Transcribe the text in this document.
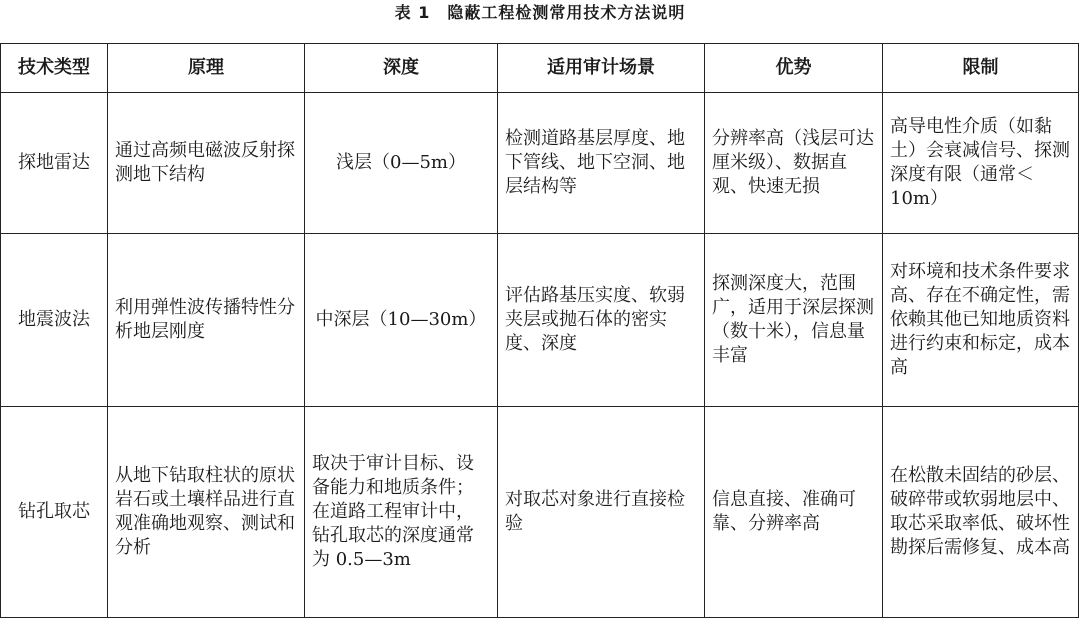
表 1　隐蔽工程检测常用技术方法说明
技术类型	原理	深度	适用审计场景	优势	限制
探地雷达	通过高频电磁波反射探测地下结构	浅层（0—5m）	检测道路基层厚度、地下管线、地下空洞、地层结构等	分辨率高（浅层可达厘米级）、数据直观、快速无损	高导电性介质（如黏土）会衰减信号、探测深度有限（通常＜10m）
地震波法	利用弹性波传播特性分析地层刚度	中深层（10—30m）	评估路基压实度、软弱夹层或抛石体的密实度、深度	探测深度大，范围广，适用于深层探测（数十米），信息量丰富	对环境和技术条件要求高、存在不确定性，需依赖其他已知地质资料进行约束和标定，成本高
钻孔取芯	从地下钻取柱状的原状岩石或土壤样品进行直观准确地观察、测试和分析	取决于审计目标、设备能力和地质条件；在道路工程审计中，钻孔取芯的深度通常为 0.5—3m	对取芯对象进行直接检验	信息直接、准确可靠、分辨率高	在松散未固结的砂层、破碎带或软弱地层中、取芯采取率低、破坏性勘探后需修复、成本高
